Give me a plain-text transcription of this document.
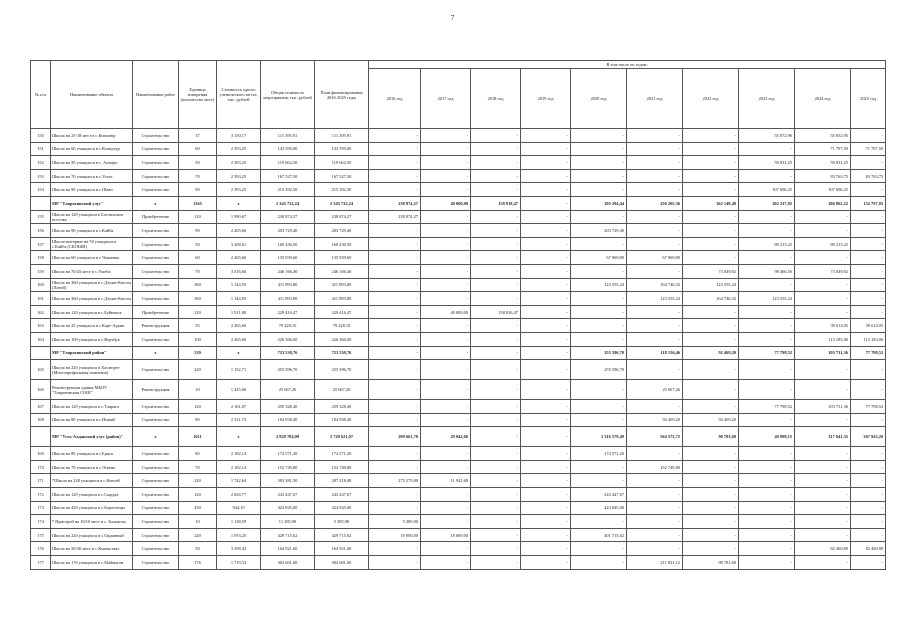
7
№ п/п	Наименование объекта	Наименование работ	Единица измерения (количество мест)	Стоимость одного ученического места, тыс. рублей	Общая стоимость мероприятия, тыс. рублей	План финансирования 2016-2025 годы	В том числе по годам:									
							2016 год	2017 год	2018 год	2019 год	2020 год	2021 год	2022 год	2023 год	2024 год	2025 год
150	Школа на 25-18 мест в с.Кизилюр	Строительство	37	3 150,17	111 395,91	111 395,91	-	-	-	-	-	-	-	55 072,96	55 652,95	-
151	Школа на 60 учащихся в с.Кочкулур	Строительство	60	2 393,25	143 595,00	143 595,00	-	-	-	-	-	-	-	-	71 797,50	71 797,50
152	Школа на 50 учащихся в с. Ахмаро	Строительство	50	2 393,25	119 662,50	119 662,50	-	-	-	-	-	-	-	59 831,25	59 831,25	-
153	Школа на 70 учащихся в с.Устье	Строительство	70	2 393,25	167 527,50	167 527,50	-	-	-	-	-	-	-	-	83 763,75	83 763,75
154	Школа на 90 учащихся в с.Шаво	Строительство	90	2 393,25	215 392,50	215 392,50	-	-	-	-	-	-	-	107 696,25	107 696,25	-
	МР "Тляратинский улус"	x	1365	x	2 343 732,24	2 343 732,24	238 874,27	40 000,00	158 818,47	-	395 294,44	256 205,36	362 148,48	302 237,85	386 862,22	152 797,05
155	Школа на 120 учащихся в Ботлихском поселке	Приобретение	120	1 990,67	238 874,27	238 874,27	238 874,27	-	-	-	-	-	-	-	-	-
156	Школа на 90 учащихся в с.Кайба	Строительство	90	2 265,66	203 729,40	203 729,40	-	-	-	-	203 729,40	-	-	-	-	-
157	Школа-интернат на 50 учащихся в с.Кайба (СКОШИ)	Строительство	50	3 208,61	160 430,50	160 430,50	-	-	-	-	-	-	-	80 215,25	80 215,25	-
158	Школа на 60 учащихся в с.Чапаевка	Строительство	60	2 265,66	135 939,60	135 939,60	-	-	-	-	67 969,80	67 969,80	-	-	-	-
159	Школа на 70/43 мест в с.Ушеба	Строительство	70	3 516,66	246 166,40	246 166,40	-	-	-	-	-	-	73 849,92	98 466,56	73 849,92	-
160	Школа на 360 учащихся в с.Дзужи-Кюсем (Лизей)	Строительство	360	1 144,93	411 893,80	411 893,80	-	-	-	-	123 555,24	164 740,32	123 555,24	-	-	-
161	Школа на 360 учащихся в с.Дзужи-Кюсем	Строительство	360	1 144,93	411 893,80	411 893,80	-	-	-	-	-	123 555,24	164 740,32	123 555,24	-	-
162	Школа на 120 учащихся в с.Буйнакск	Приобретение	120	1 911,80	229 416,47	229 416,47	-	40 000,00	158 816,47	-	-	-	-	-	-	-
163	Школа на 25 учащихся в с.Карт-Аурия	Реконструкция	35	2 265,66	79 228,10	79 228,10	-	-	-	-	-	-	-	-	39 614,05	39 614,05
164	Школа на 100 учащихся в с.Верхбук	Строительство	100	2 265,66	226 366,00	226 366,00	-	-	-	-	-	-	-	-	113 183,00	113 183,00
	МР "Тляратинский район"	x	539	x	723 530,76	723 530,76	-	-	-	-	255 596,70	118 156,46	92 469,20	77 798,52	103 731,36	77 798,52
165	Школа на 220 учащихся в Хасаюрте (Многопрофильная гимназия)	Строительство	220	1 152,71	255 596,70	255 596,70	-	-	-	-	255 596,70	-	-	-	-	-
166	Реконструкция здания МБОУ "Тляратинская СОШ"	Реконструкция	10	1 425,06	25 667,26	25 667,26	-	-	-	-	-	25 667,26	-	-	-	-
167	Школа на 120 учащихся в с.Тлярата	Строительство	120	2 161,07	259 328,40	259 328,40	-	-	-	-	-	-	-	77 798,52	103 731,36	77 798,52
168	Школа на 80 учащихся в с.Новый	Строительство	80	2 311,73	184 938,40	184 938,40	-	-	-	-	-	92 469,20	92 469,20	-	-	-
	МР "Усть-Алданский улус (район)"	x	1611	x	2 828 784,09	2 720 621,07	290 661,70	29 942,68	-	-	1 316 579,49	564 573,72	90 781,68	49 098,15	317 041,35	267 943,20
169	Школа на 80 учащихся в с.Ериск	Строительство	80	2 182,14	174 571,20	174 571,20	-	-	-	-	174 571,20	-	-	-	-	-
170	Школа на 70 учащихся в с.Эскень	Строительство	70	2 182,14	152 749,80	152 749,80	-	-	-	-	-	152 749,80	-	-	-	-
171	*Школа на 220 учащихся в с.Кенсей	Строительство	220	1 742,64	383 381,50	287 218,48	275 275,80	11 942,68	-	-	-	-	-	-	-	-
172	Школа на 120 учащихся в с.Сырдах	Строительство	120	2 028,77	243 447,67	243 447,67	-	-	-	-	243 447,67	-	-	-	-	-
173	Школа на 450 учащихся в с.Борогонцы	Строительство	450	944,10	424 845,00	424 845,00	-	-	-	-	424 845,00	-	-	-	-	-
174	* Пристрой на 10/10 мест в с. Балыктах	Строительство	10	1 138,59	11 385,90	5 385,90	5 385,90	-	-	-	-	-	-	-	-	-
175	Школа на 220 учащихся в с.Окраиный	Строительство	220	1 953,25	429 715,62	429 715,62	10 000,00	18 000,00	-	-	401 715,62	-	-	-	-	-
176	Школа на 50/40 мест в с.Кыныстаах	Строительство	50	3 298,43	164 921,60	164 921,60	-	-	-	-	-	-	-	-	82 460,80	82 460,80
177	Школа на 176 учащихся в с.Маймаган	Строительство	176	1 719,33	302 601,60	302 601,60	-	-	-	-	-	211 821,12	90 781,68	-	-	-
